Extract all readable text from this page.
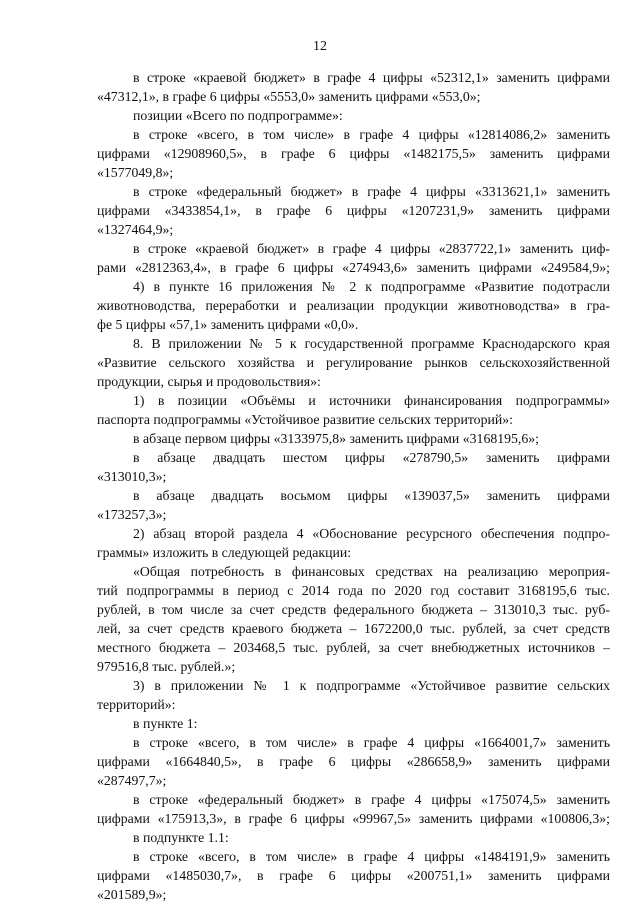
12
в строке «краевой бюджет» в графе 4 цифры «52312,1» заменить цифрами
«47312,1», в графе 6 цифры «5553,0» заменить цифрами «553,0»;
позиции «Всего по подпрограмме»:
в строке «всего, в том числе» в графе 4 цифры «12814086,2» заменить
цифрами «12908960,5», в графе 6 цифры «1482175,5» заменить цифрами
«1577049,8»;
в строке «федеральный бюджет» в графе 4 цифры «3313621,1» заменить
цифрами «3433854,1», в графе 6 цифры «1207231,9» заменить цифрами
«1327464,9»;
в строке «краевой бюджет» в графе 4 цифры «2837722,1» заменить циф-
рами «2812363,4», в графе 6 цифры «274943,6» заменить цифрами «249584,9»;
4) в пункте 16 приложения № 2 к подпрограмме «Развитие подотрасли
животноводства, переработки и реализации продукции животноводства» в гра-
фе 5 цифры «57,1» заменить цифрами «0,0».
8. В приложении № 5 к государственной программе Краснодарского края
«Развитие сельского хозяйства и регулирование рынков сельскохозяйственной
продукции, сырья и продовольствия»:
1) в позиции «Объёмы и источники финансирования подпрограммы»
паспорта подпрограммы «Устойчивое развитие сельских территорий»:
в абзаце первом цифры «3133975,8» заменить цифрами «3168195,6»;
в абзаце двадцать шестом цифры «278790,5» заменить цифрами
«313010,3»;
в абзаце двадцать восьмом цифры «139037,5» заменить цифрами
«173257,3»;
2) абзац второй раздела 4 «Обоснование ресурсного обеспечения подпро-
граммы» изложить в следующей редакции:
«Общая потребность в финансовых средствах на реализацию мероприя-
тий подпрограммы в период с 2014 года по 2020 год составит 3168195,6 тыс.
рублей, в том числе за счет средств федерального бюджета – 313010,3 тыс. руб-
лей, за счет средств краевого бюджета – 1672200,0 тыс. рублей, за счет средств
местного бюджета – 203468,5 тыс. рублей, за счет внебюджетных источников –
979516,8 тыс. рублей.»;
3) в приложении № 1 к подпрограмме «Устойчивое развитие сельских
территорий»:
в пункте 1:
в строке «всего, в том числе» в графе 4 цифры «1664001,7» заменить
цифрами «1664840,5», в графе 6 цифры «286658,9» заменить цифрами
«287497,7»;
в строке «федеральный бюджет» в графе 4 цифры «175074,5» заменить
цифрами «175913,3», в графе 6 цифры «99967,5» заменить цифрами «100806,3»;
в подпункте 1.1:
в строке «всего, в том числе» в графе 4 цифры «1484191,9» заменить
цифрами «1485030,7», в графе 6 цифры «200751,1» заменить цифрами
«201589,9»;
